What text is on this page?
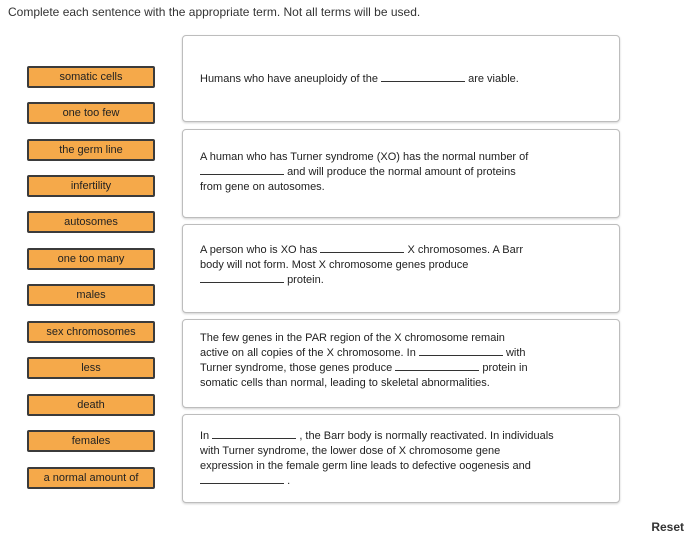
Complete each sentence with the appropriate term. Not all terms will be used.
somatic cells
one too few
the germ line
infertility
autosomes
one too many
males
sex chromosomes
less
death
females
a normal amount of
Humans who have aneuploidy of the	are viable.
A human who has Turner syndrome (XO) has the normal number of
and will produce the normal amount of proteins
from gene on autosomes.
A person who is XO has	X chromosomes. A Barr
body will not form. Most X chromosome genes produce
protein.
The few genes in the PAR region of the X chromosome remain
active on all copies of the X chromosome. In	with
Turner syndrome, those genes produce	protein in
somatic cells than normal, leading to skeletal abnormalities.
In	, the Barr body is normally reactivated. In individuals
with Turner syndrome, the lower dose of X chromosome gene
expression in the female germ line leads to defective oogenesis and
.
Reset
